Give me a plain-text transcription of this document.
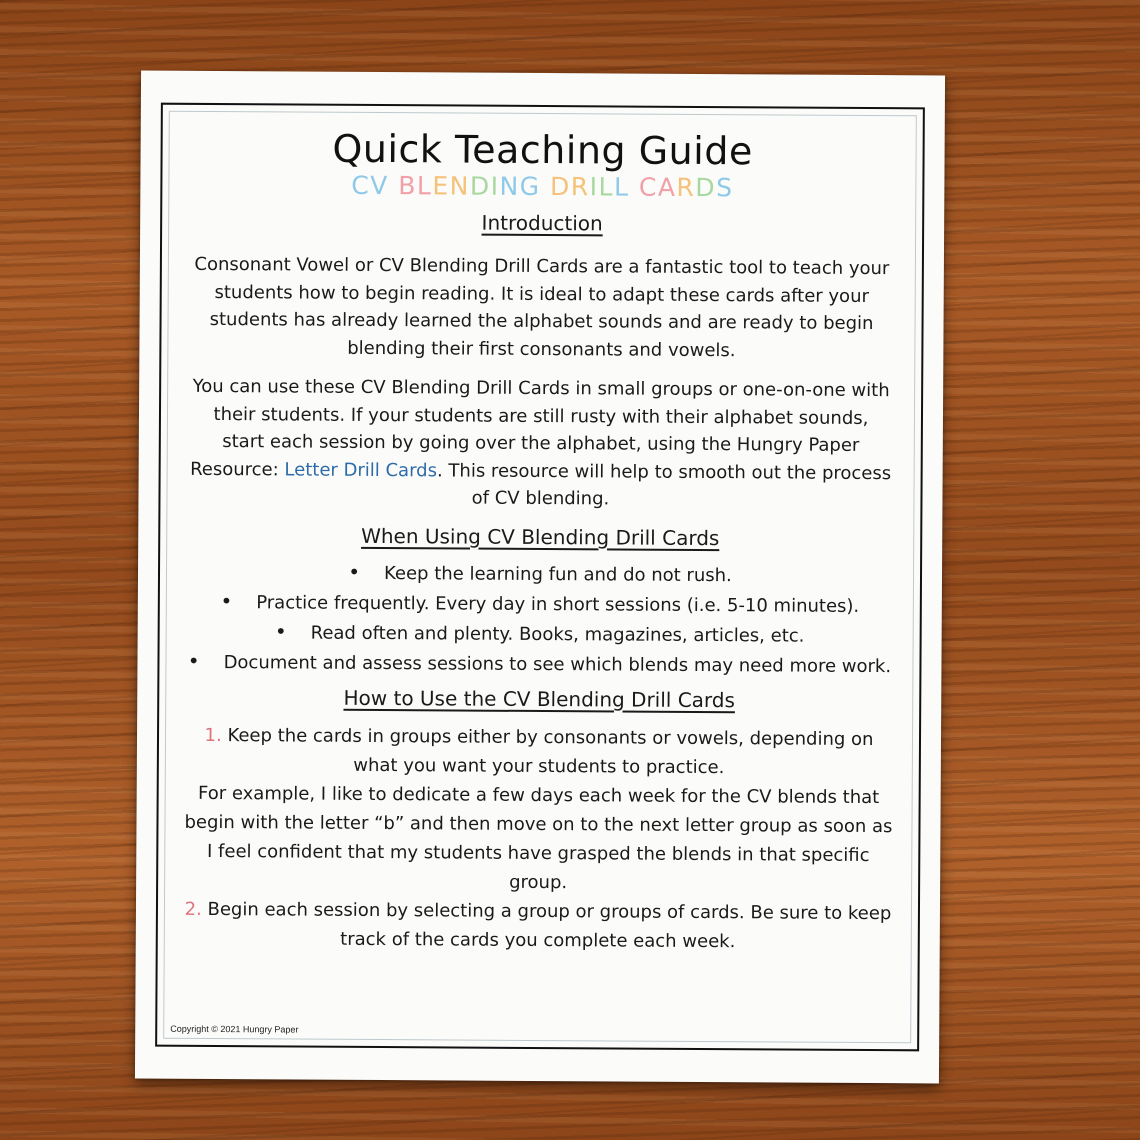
Quick Teaching Guide
CV BLENDING DRILL CARDS
Introduction

Consonant Vowel or CV Blending Drill Cards are a fantastic tool to teach your students how to begin reading. It is ideal to adapt these cards after your students has already learned the alphabet sounds and are ready to begin blending their first consonants and vowels.

You can use these CV Blending Drill Cards in small groups or one-on-one with their students. If your students are still rusty with their alphabet sounds, start each session by going over the alphabet, using the Hungry Paper Resource: Letter Drill Cards. This resource will help to smooth out the process of CV blending.

When Using CV Blending Drill Cards
• Keep the learning fun and do not rush.
• Practice frequently. Every day in short sessions (i.e. 5-10 minutes).
• Read often and plenty. Books, magazines, articles, etc.
• Document and assess sessions to see which blends may need more work.
How to Use the CV Blending Drill Cards

1. Keep the cards in groups either by consonants or vowels, depending on what you want your students to practice.

For example, I like to dedicate a few days each week for the CV blends that begin with the letter “b” and then move on to the next letter group as soon as I feel confident that my students have grasped the blends in that specific group.

2. Begin each session by selecting a group or groups of cards. Be sure to keep track of the cards you complete each week.

Copyright © 2021 Hungry Paper
